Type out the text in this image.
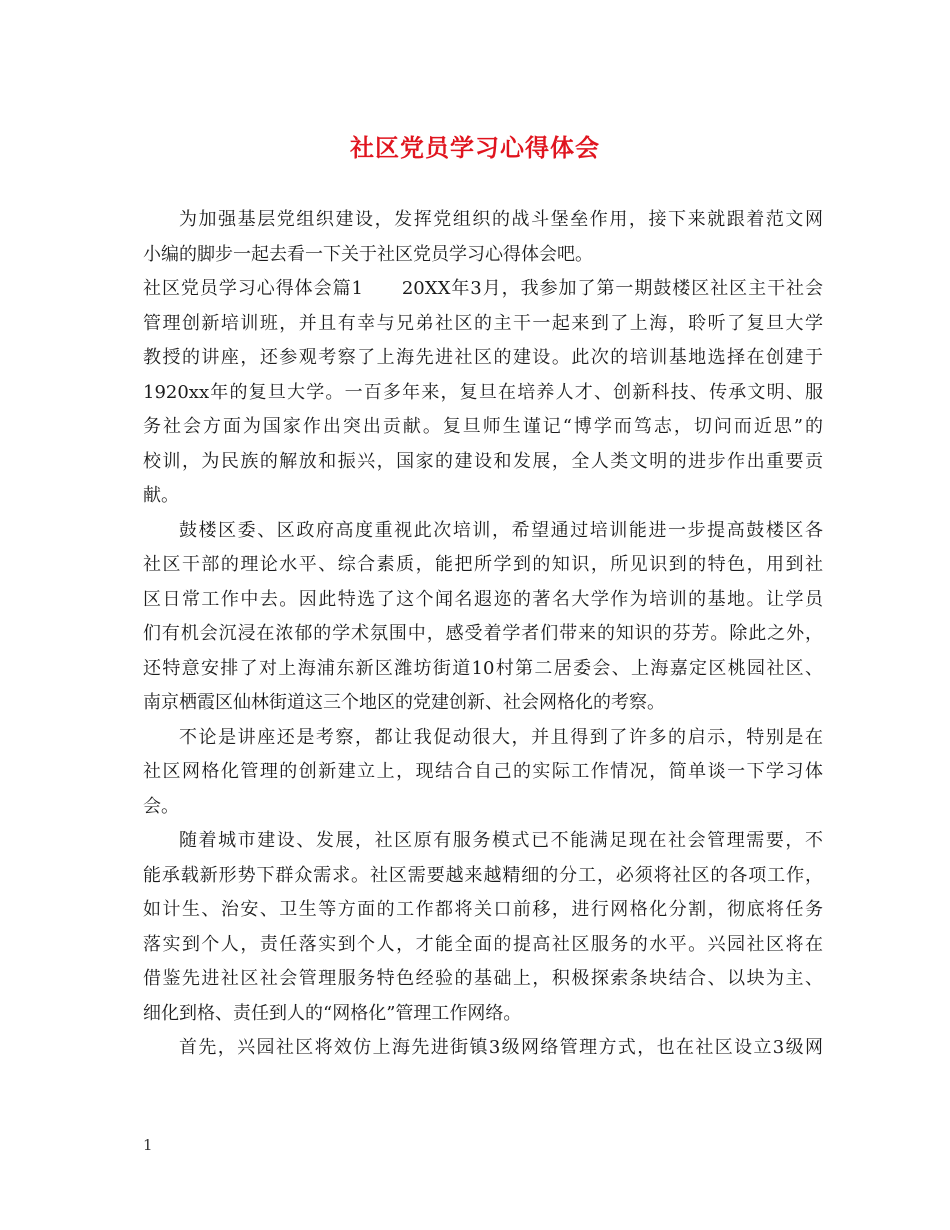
社区党员学习心得体会
为加强基层党组织建设，发挥党组织的战斗堡垒作用，接下来就跟着范文网
小编的脚步一起去看一下关于社区党员学习心得体会吧。
社区党员学习心得体会篇1　　20XX年3月，我参加了第一期鼓楼区社区主干社会
管理创新培训班，并且有幸与兄弟社区的主干一起来到了上海，聆听了复旦大学
教授的讲座，还参观考察了上海先进社区的建设。此次的培训基地选择在创建于
1920xx年的复旦大学。一百多年来，复旦在培养人才、创新科技、传承文明、服
务社会方面为国家作出突出贡献。复旦师生谨记“博学而笃志，切问而近思”的
校训，为民族的解放和振兴，国家的建设和发展，全人类文明的进步作出重要贡
献。
鼓楼区委、区政府高度重视此次培训，希望通过培训能进一步提高鼓楼区各
社区干部的理论水平、综合素质，能把所学到的知识，所见识到的特色，用到社
区日常工作中去。因此特选了这个闻名遐迩的著名大学作为培训的基地。让学员
们有机会沉浸在浓郁的学术氛围中，感受着学者们带来的知识的芬芳。除此之外，
还特意安排了对上海浦东新区潍坊街道10村第二居委会、上海嘉定区桃园社区、
南京栖霞区仙林街道这三个地区的党建创新、社会网格化的考察。
不论是讲座还是考察，都让我促动很大，并且得到了许多的启示，特别是在
社区网格化管理的创新建立上，现结合自己的实际工作情况，简单谈一下学习体
会。
随着城市建设、发展，社区原有服务模式已不能满足现在社会管理需要，不
能承载新形势下群众需求。社区需要越来越精细的分工，必须将社区的各项工作，
如计生、治安、卫生等方面的工作都将关口前移，进行网格化分割，彻底将任务
落实到个人，责任落实到个人，才能全面的提高社区服务的水平。兴园社区将在
借鉴先进社区社会管理服务特色经验的基础上，积极探索条块结合、以块为主、
细化到格、责任到人的“网格化”管理工作网络。
首先，兴园社区将效仿上海先进街镇3级网络管理方式，也在社区设立3级网
1
